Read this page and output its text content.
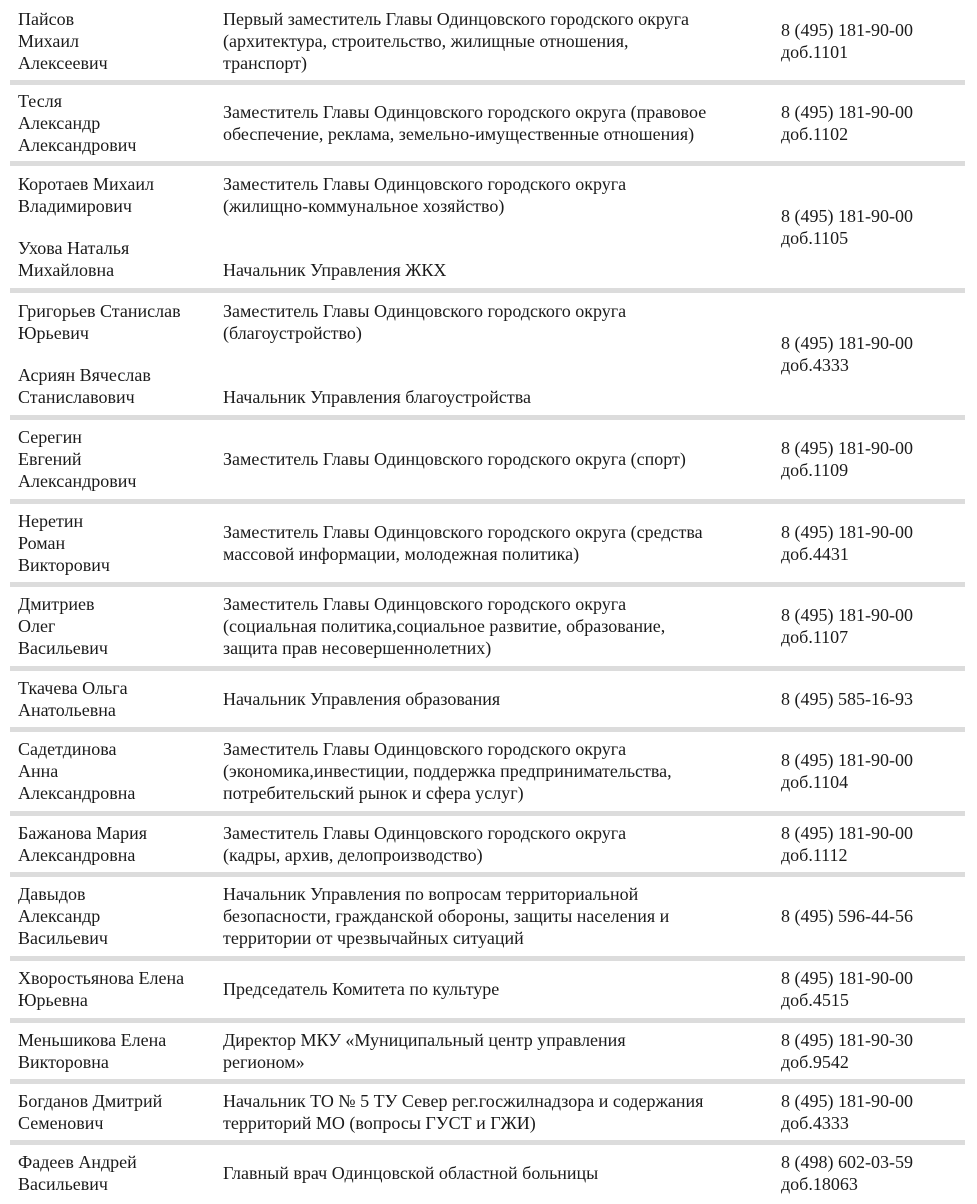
Пайсов
Михаил
Алексеевич
Первый заместитель Главы Одинцовского городского округа
(архитектура, строительство, жилищные отношения,
транспорт)
8 (495) 181-90-00
доб.1101
Тесля
Александр
Александрович
Заместитель Главы Одинцовского городского округа (правовое
обеспечение, реклама, земельно-имущественные отношения)
8 (495) 181-90-00
доб.1102
Коротаев Михаил
Владимирович
Ухова Наталья
Михайловна
Заместитель Главы Одинцовского городского округа
(жилищно-коммунальное хозяйство)
Начальник Управления ЖКХ
8 (495) 181-90-00
доб.1105
Григорьев Станислав
Юрьевич
Асриян Вячеслав
Станиславович
Заместитель Главы Одинцовского городского округа
(благоустройство)
Начальник Управления благоустройства
8 (495) 181-90-00
доб.4333
Серегин
Евгений
Александрович
Заместитель Главы Одинцовского городского округа (спорт)
8 (495) 181-90-00
доб.1109
Неретин
Роман
Викторович
Заместитель Главы Одинцовского городского округа (средства
массовой информации, молодежная политика)
8 (495) 181-90-00
доб.4431
Дмитриев
Олег
Васильевич
Заместитель Главы Одинцовского городского округа
(социальная политика,социальное развитие, образование,
защита прав несовершеннолетних)
8 (495) 181-90-00
доб.1107
Ткачева Ольга
Анатольевна
Начальник Управления образования	8 (495) 585-16-93
Садетдинова
Анна
Александровна
Заместитель Главы Одинцовского городского округа
(экономика,инвестиции, поддержка предпринимательства,
потребительский рынок и сфера услуг)
8 (495) 181-90-00
доб.1104
Бажанова Мария
Александровна
Заместитель Главы Одинцовского городского округа
(кадры, архив, делопроизводство)
8 (495) 181-90-00
доб.1112
Давыдов
Александр
Васильевич
Начальник Управления по вопросам территориальной
безопасности, гражданской обороны, защиты населения и
территории от чрезвычайных ситуаций
8 (495) 596-44-56
Хворостьянова Елена
Юрьевна
Председатель Комитета по культуре
8 (495) 181-90-00
доб.4515
Меньшикова Елена
Викторовна
Директор МКУ «Муниципальный центр управления
регионом»
8 (495) 181-90-30
доб.9542
Богданов Дмитрий
Семенович
Начальник ТО № 5 ТУ Север рег.госжилнадзора и содержания
территорий МО (вопросы ГУСТ и ГЖИ)
8 (495) 181-90-00
доб.4333
Фадеев Андрей
Васильевич
Главный врач Одинцовской областной больницы
8 (498) 602-03-59
доб.18063
